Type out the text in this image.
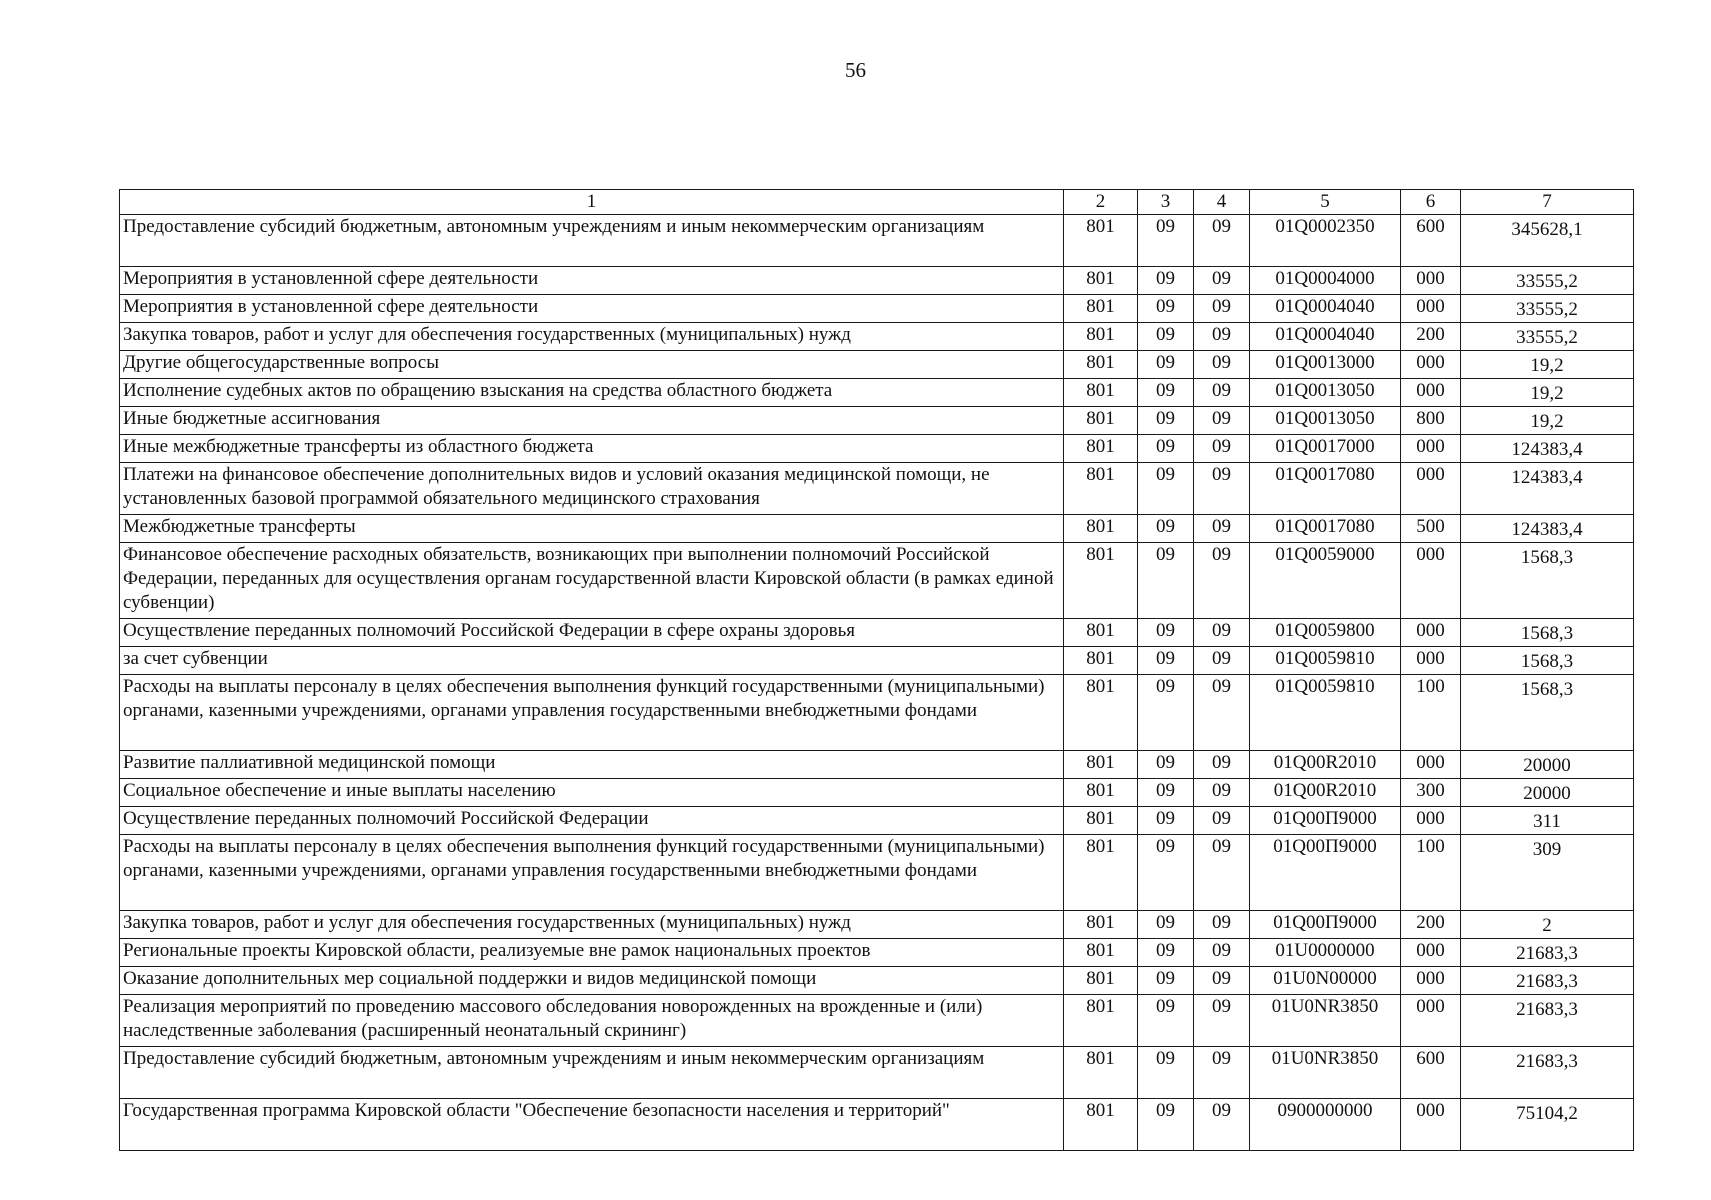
56
1	2	3	4	5	6	7
Предоставление субсидий бюджетным, автономным учреждениям и иным некоммерческим организациям	801	09	09	01Q0002350	600	345628,1
Мероприятия в установленной сфере деятельности	801	09	09	01Q0004000	000	33555,2
Мероприятия в установленной сфере деятельности	801	09	09	01Q0004040	000	33555,2
Закупка товаров, работ и услуг для обеспечения государственных (муниципальных) нужд	801	09	09	01Q0004040	200	33555,2
Другие общегосударственные вопросы	801	09	09	01Q0013000	000	19,2
Исполнение судебных актов по обращению взыскания на средства областного бюджета	801	09	09	01Q0013050	000	19,2
Иные бюджетные ассигнования	801	09	09	01Q0013050	800	19,2
Иные межбюджетные трансферты из областного бюджета	801	09	09	01Q0017000	000	124383,4
Платежи на финансовое обеспечение дополнительных видов и условий оказания медицинской помощи, не установленных базовой программой обязательного медицинского страхования	801	09	09	01Q0017080	000	124383,4
Межбюджетные трансферты	801	09	09	01Q0017080	500	124383,4
Финансовое обеспечение расходных обязательств, возникающих при выполнении полномочий Российской Федерации, переданных для осуществления органам государственной власти Кировской области (в рамках единой субвенции)	801	09	09	01Q0059000	000	1568,3
Осуществление переданных полномочий Российской Федерации в сфере охраны здоровья	801	09	09	01Q0059800	000	1568,3
за счет субвенции	801	09	09	01Q0059810	000	1568,3
Расходы на выплаты персоналу в целях обеспечения выполнения функций государственными (муниципальными) органами, казенными учреждениями, органами управления государственными внебюджетными фондами	801	09	09	01Q0059810	100	1568,3
Развитие паллиативной медицинской помощи	801	09	09	01Q00R2010	000	20000
Социальное обеспечение и иные выплаты населению	801	09	09	01Q00R2010	300	20000
Осуществление переданных полномочий Российской Федерации	801	09	09	01Q00П9000	000	311
Расходы на выплаты персоналу в целях обеспечения выполнения функций государственными (муниципальными) органами, казенными учреждениями, органами управления государственными внебюджетными фондами	801	09	09	01Q00П9000	100	309
Закупка товаров, работ и услуг для обеспечения государственных (муниципальных) нужд	801	09	09	01Q00П9000	200	2
Региональные проекты Кировской области, реализуемые вне рамок национальных проектов	801	09	09	01U0000000	000	21683,3
Оказание дополнительных мер социальной поддержки и видов медицинской помощи	801	09	09	01U0N00000	000	21683,3
Реализация мероприятий по проведению массового обследования новорожденных на врожденные и (или) наследственные заболевания (расширенный неонатальный скрининг)	801	09	09	01U0NR3850	000	21683,3
Предоставление субсидий бюджетным, автономным учреждениям и иным некоммерческим организациям	801	09	09	01U0NR3850	600	21683,3
Государственная программа Кировской области "Обеспечение безопасности населения и территорий"	801	09	09	0900000000	000	75104,2
